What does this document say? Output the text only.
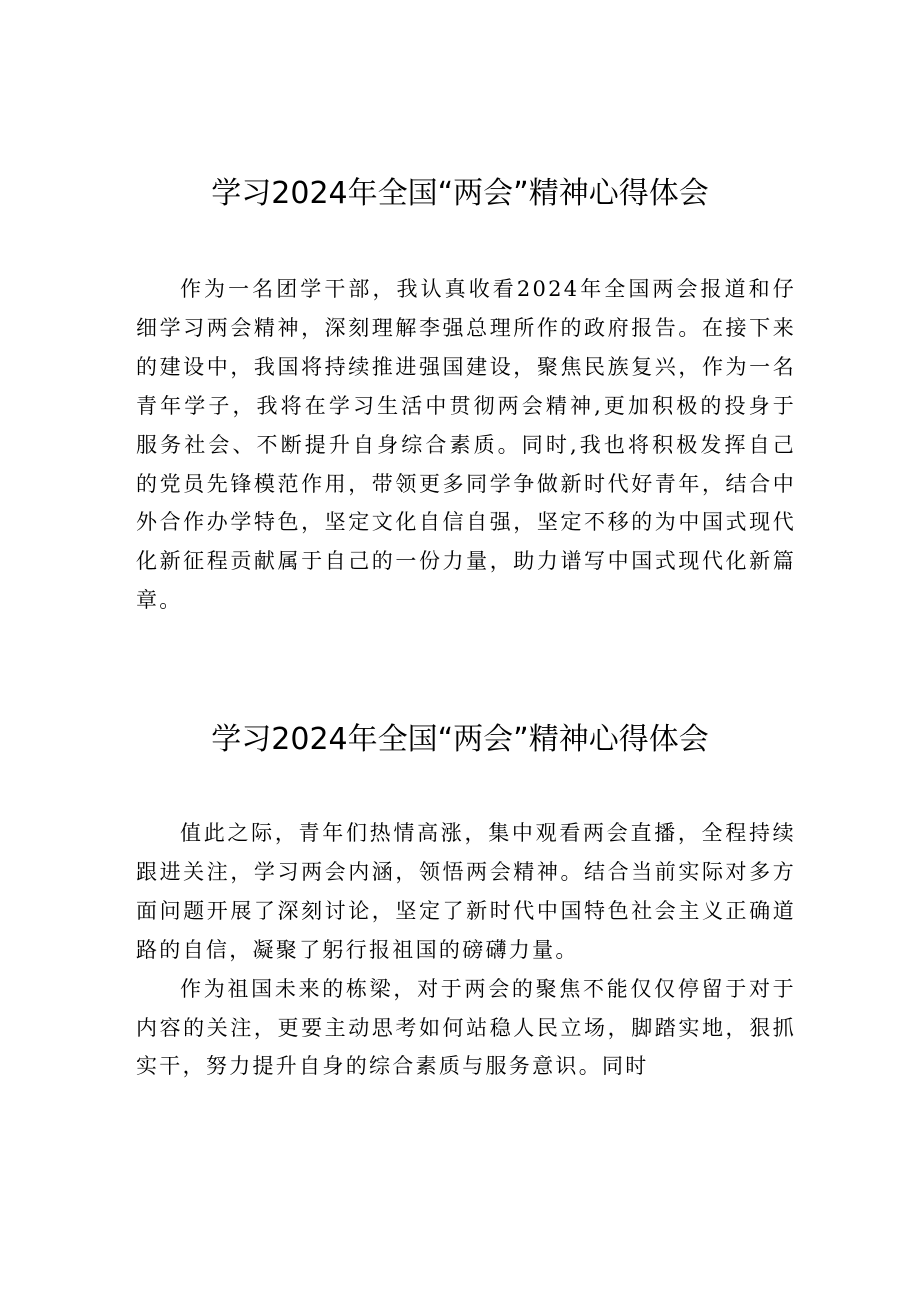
学习2024年全国“两会”精神心得体会

作为一名团学干部，我认真收看2024年全国两会报道和仔细学习两会精神，深刻理解李强总理所作的政府报告。在接下来的建设中，我国将持续推进强国建设，聚焦民族复兴，作为一名青年学子，我将在学习生活中贯彻两会精神,更加积极的投身于服务社会、不断提升自身综合素质。同时,我也将积极发挥自己的党员先锋模范作用，带领更多同学争做新时代好青年，结合中外合作办学特色，坚定文化自信自强，坚定不移的为中国式现代化新征程贡献属于自己的一份力量，助力谱写中国式现代化新篇章。

学习2024年全国“两会”精神心得体会

值此之际，青年们热情高涨，集中观看两会直播，全程持续跟进关注，学习两会内涵，领悟两会精神。结合当前实际对多方面问题开展了深刻讨论，坚定了新时代中国特色社会主义正确道路的自信，凝聚了躬行报祖国的磅礴力量。

作为祖国未来的栋梁，对于两会的聚焦不能仅仅停留于对于内容的关注，更要主动思考如何站稳人民立场，脚踏实地，狠抓实干，努力提升自身的综合素质与服务意识。同时
